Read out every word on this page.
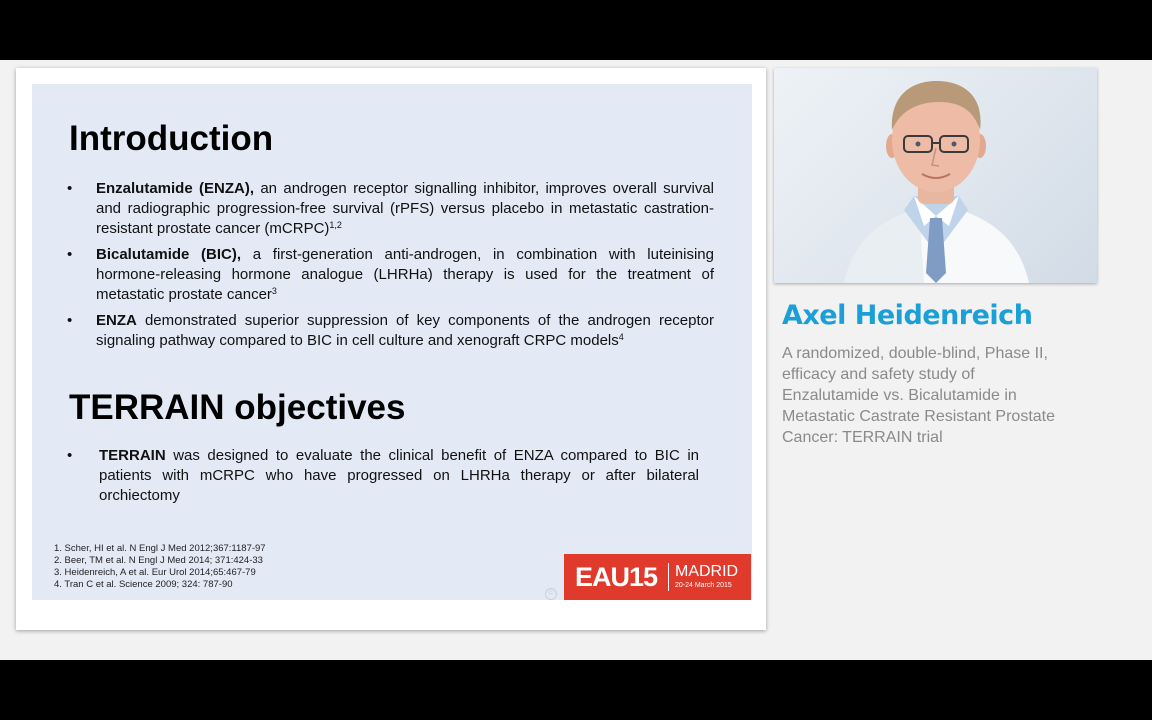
Introduction
• Enzalutamide (ENZA), an androgen receptor signalling inhibitor, improves overall survival and radiographic progression-free survival (rPFS) versus placebo in metastatic castration-resistant prostate cancer (mCRPC)$^{1,2}$
• Bicalutamide (BIC), a first-generation anti-androgen, in combination with luteinising hormone-releasing hormone analogue (LHRHa) therapy is used for the treatment of metastatic prostate cancer$^3$
• ENZA demonstrated superior suppression of key components of the androgen receptor signaling pathway compared to BIC in cell culture and xenograft CRPC models$^4$
TERRAIN objectives
• TERRAIN was designed to evaluate the clinical benefit of ENZA compared to BIC in patients with mCRPC who have progressed on LHRHa therapy or after bilateral orchiectomy
1. Scher, HI et al. N Engl J Med 2012;367:1187-97
2. Beer, TM et al. N Engl J Med 2014; 371:424-33
3. Heidenreich, A et al. Eur Urol 2014;65:467-79
4. Tran C et al. Science 2009; 324: 787-90
©
EAU15 MADRID
20-24 March 2015
Axel Heidenreich
A randomized, double-blind, Phase II,
efficacy and safety study of
Enzalutamide vs. Bicalutamide in
Metastatic Castrate Resistant Prostate
Cancer: TERRAIN trial
